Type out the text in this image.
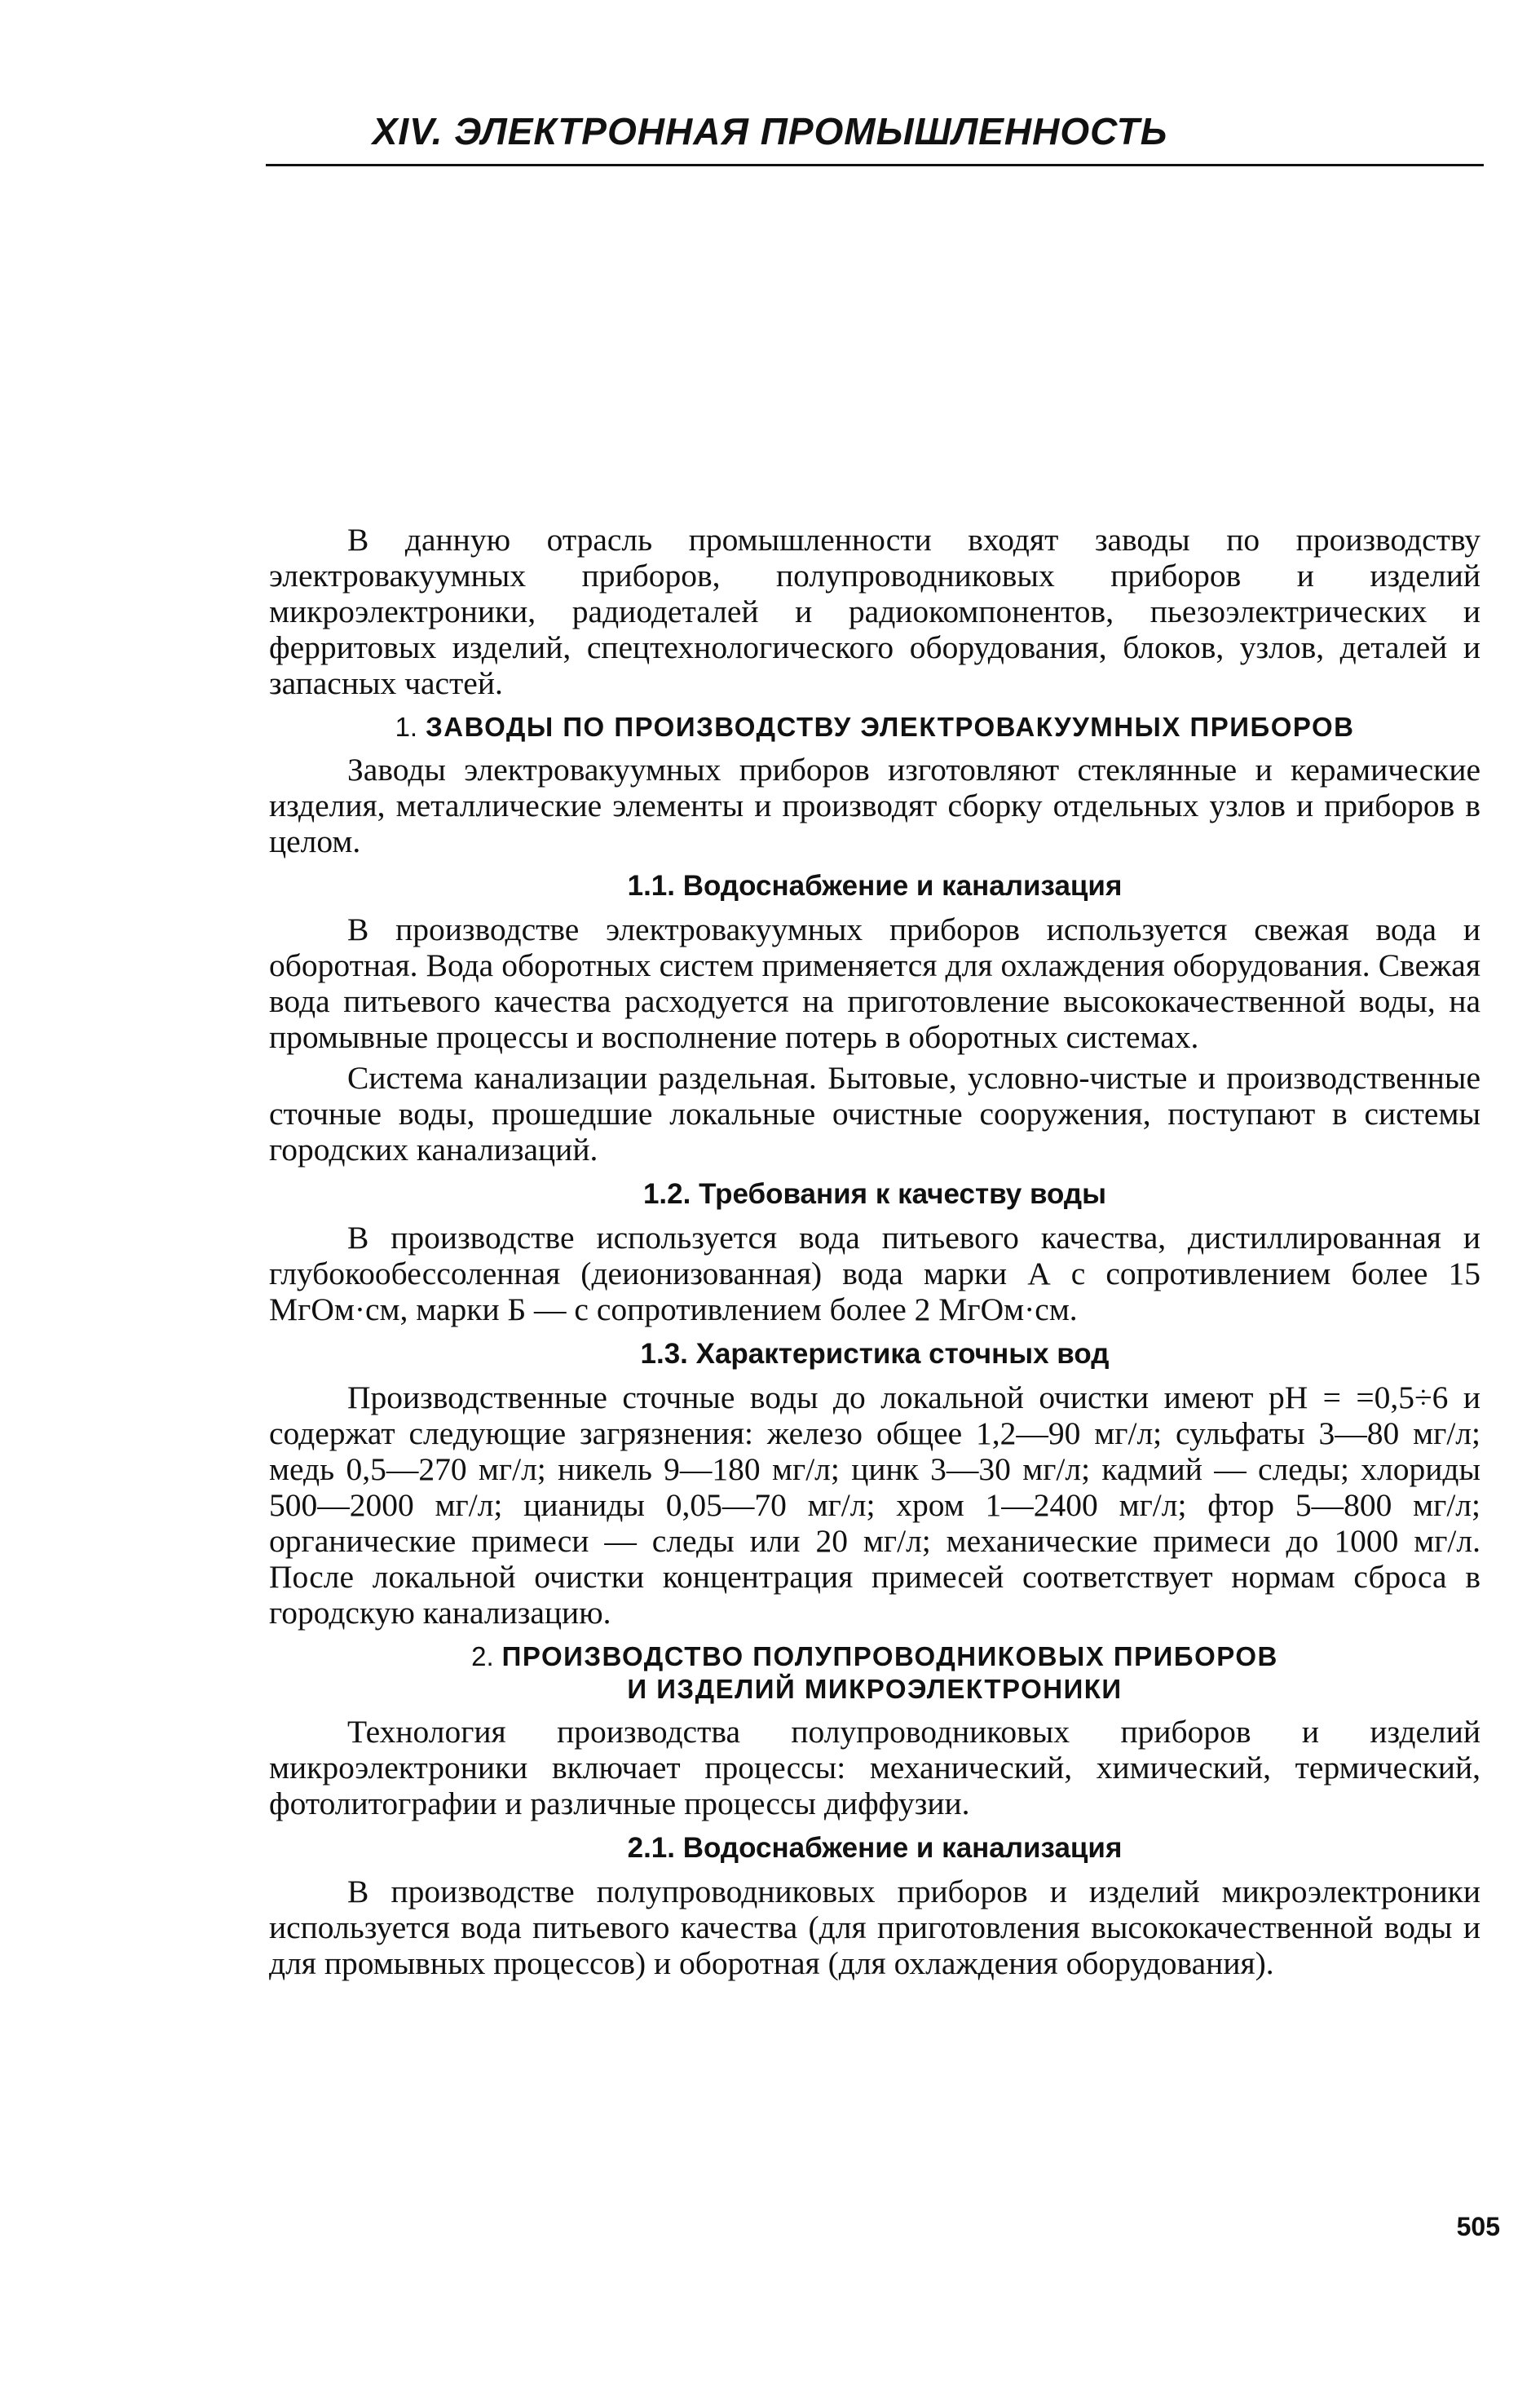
XIV. ЭЛЕКТРОННАЯ ПРОМЫШЛЕННОСТЬ

В данную отрасль промышленности входят заводы по производству электровакуумных приборов, полупроводниковых приборов и изделий микроэлектроники, радиодеталей и радиокомпонентов, пьезоэлектрических и ферритовых изделий, спецтехнологического оборудования, блоков, узлов, деталей и запасных частей.

1. ЗАВОДЫ ПО ПРОИЗВОДСТВУ ЭЛЕКТРОВАКУУМНЫХ ПРИБОРОВ

Заводы электровакуумных приборов изготовляют стеклянные и керамические изделия, металлические элементы и производят сборку отдельных узлов и приборов в целом.

1.1. Водоснабжение и канализация

В производстве электровакуумных приборов используется свежая вода и оборотная. Вода оборотных систем применяется для охлаждения оборудования. Свежая вода питьевого качества расходуется на приготовление высококачественной воды, на промывные процессы и восполнение потерь в оборотных системах.

Система канализации раздельная. Бытовые, условно-чистые и производственные сточные воды, прошедшие локальные очистные сооружения, поступают в системы городских канализаций.

1.2. Требования к качеству воды

В производстве используется вода питьевого качества, дистиллированная и глубокообессоленная (деионизованная) вода марки А с сопротивлением более 15 МгОм·см, марки Б — с сопротивлением более 2 МгОм·см.

1.3. Характеристика сточных вод

Производственные сточные воды до локальной очистки имеют pH = =0,5÷6 и содержат следующие загрязнения: железо общее 1,2—90 мг/л; сульфаты 3—80 мг/л; медь 0,5—270 мг/л; никель 9—180 мг/л; цинк 3—30 мг/л; кадмий — следы; хлориды 500—2000 мг/л; цианиды 0,05—70 мг/л; хром 1—2400 мг/л; фтор 5—800 мг/л; органические примеси — следы или 20 мг/л; механические примеси до 1000 мг/л. После локальной очистки концентрация примесей соответствует нормам сброса в городскую канализацию.

2. ПРОИЗВОДСТВО ПОЛУПРОВОДНИКОВЫХ ПРИБОРОВ
И ИЗДЕЛИЙ МИКРОЭЛЕКТРОНИКИ

Технология производства полупроводниковых приборов и изделий микроэлектроники включает процессы: механический, химический, термический, фотолитографии и различные процессы диффузии.

2.1. Водоснабжение и канализация

В производстве полупроводниковых приборов и изделий микроэлектроники используется вода питьевого качества (для приготовления высококачественной воды и для промывных процессов) и оборотная (для охлаждения оборудования).

505
